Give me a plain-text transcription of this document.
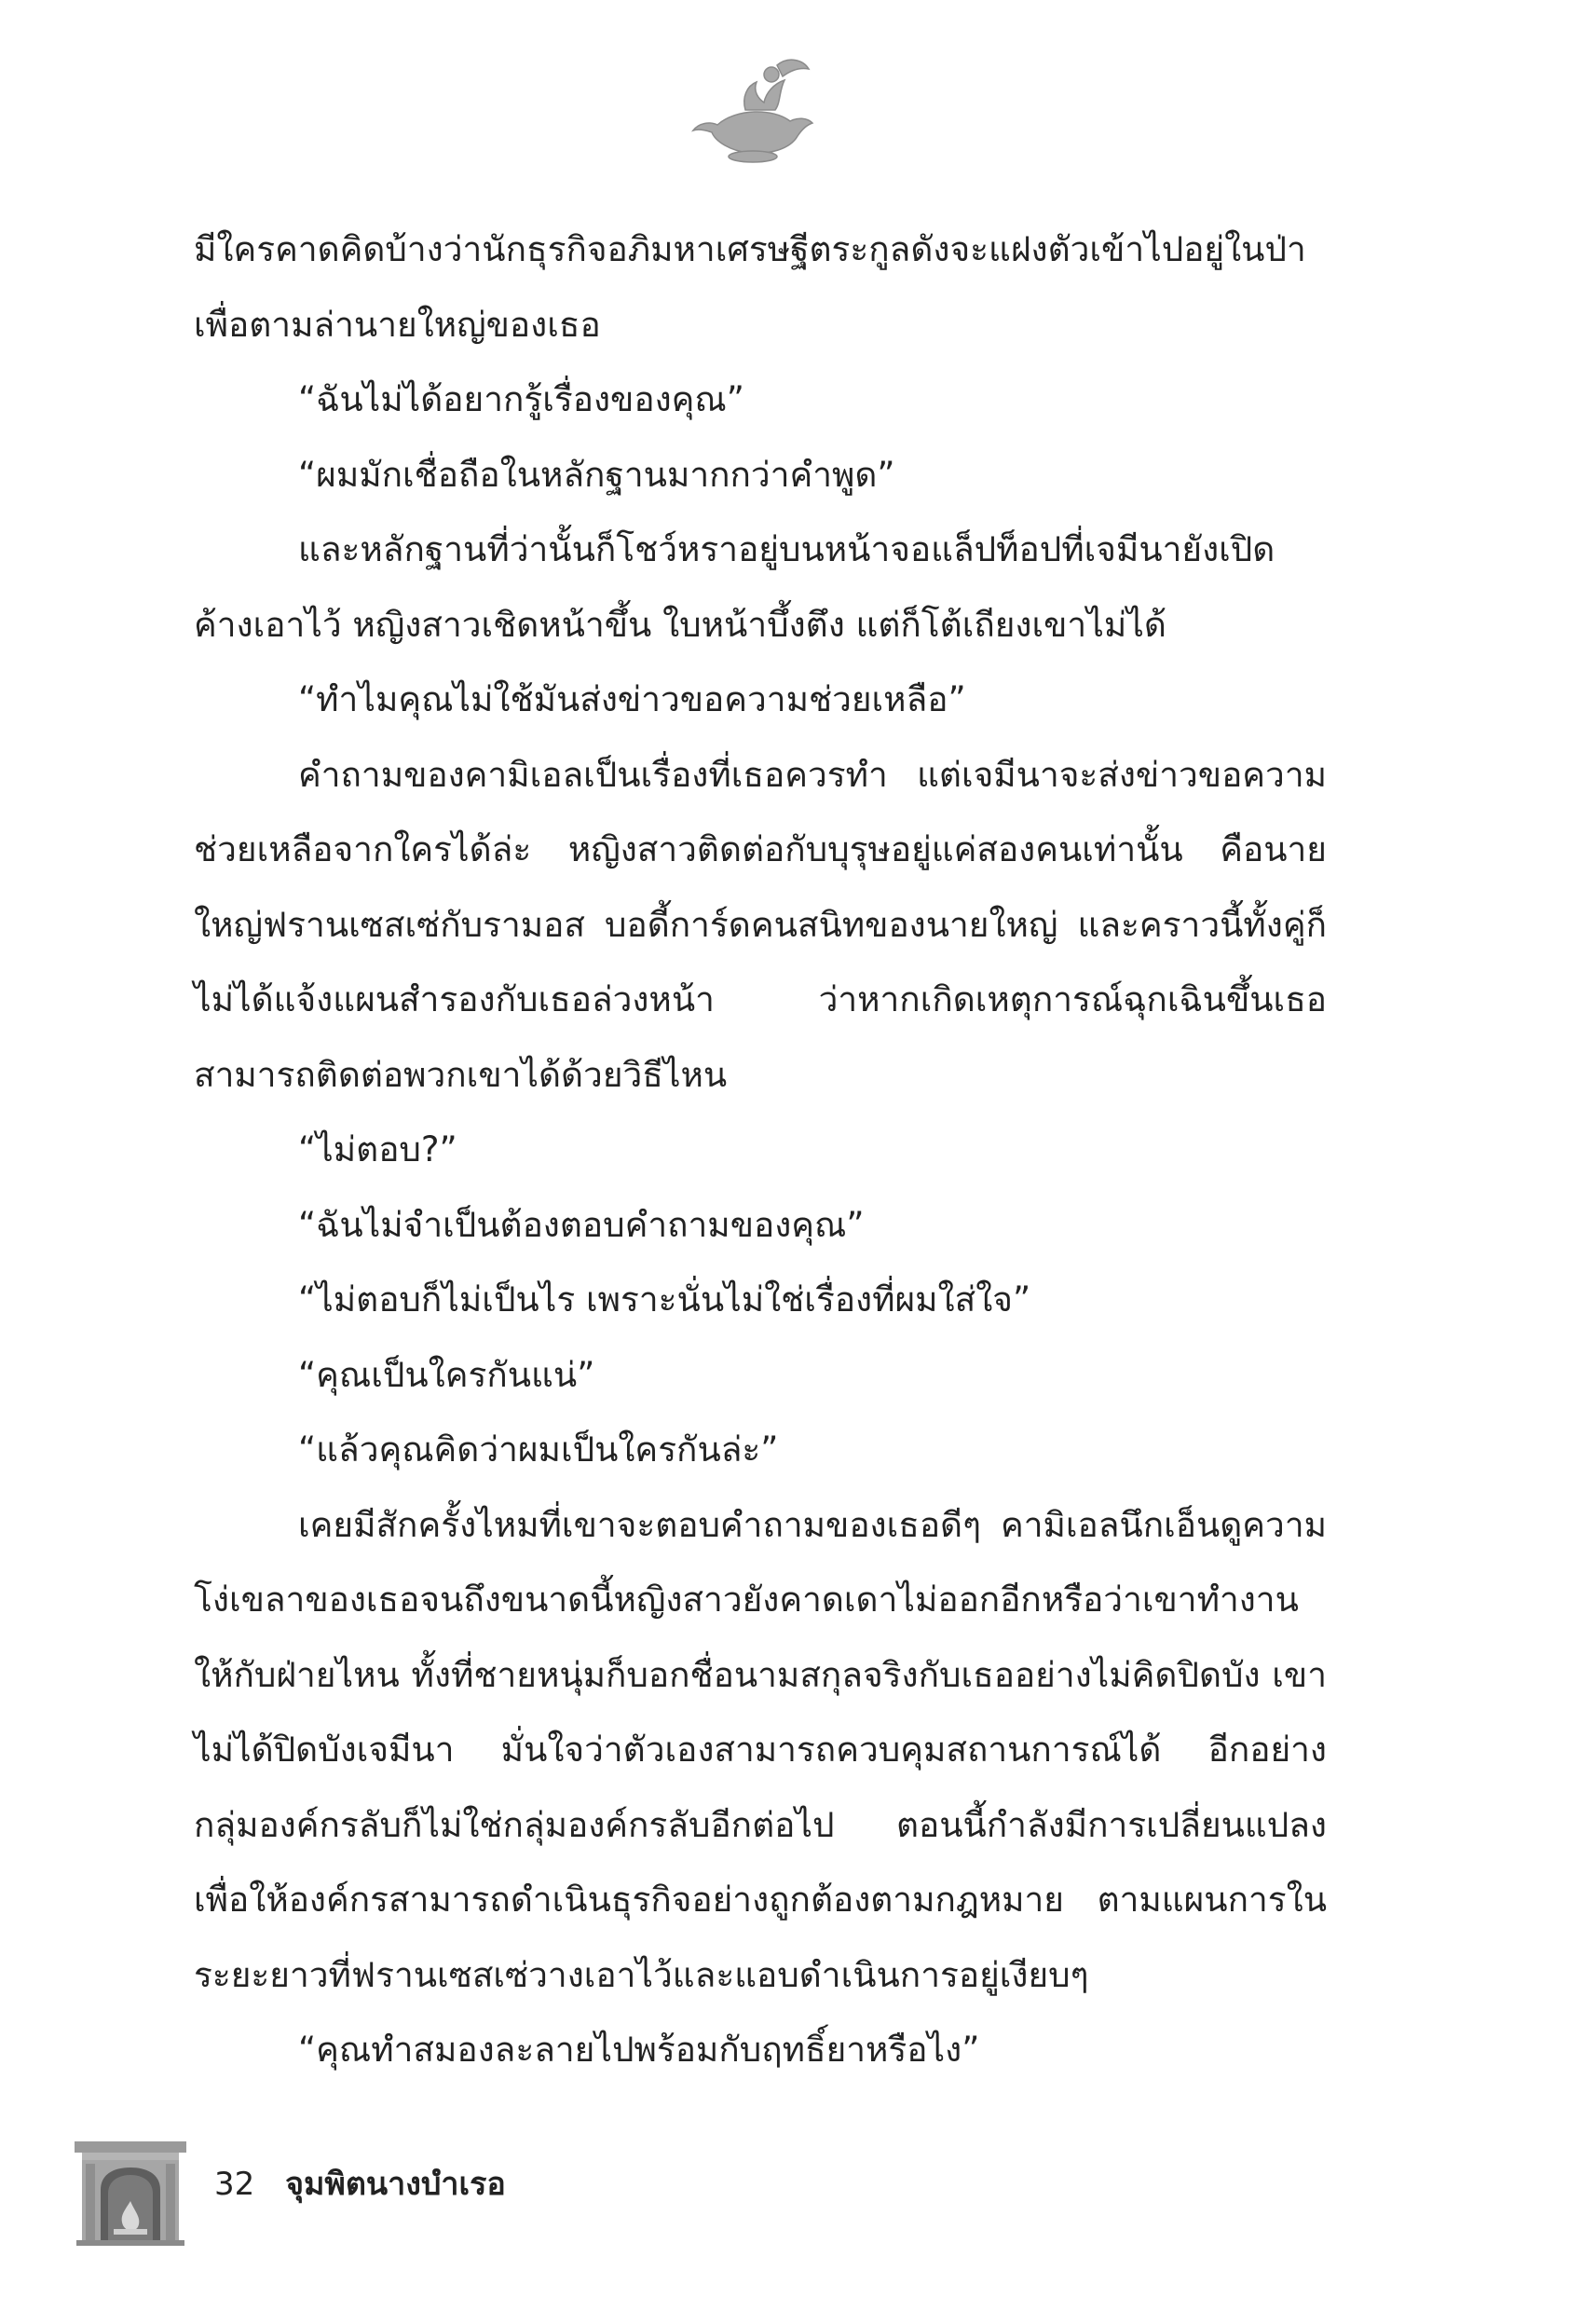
มีใครคาดคิดบ้างว่านักธุรกิจอภิมหาเศรษฐีตระกูลดังจะแฝงตัวเข้าไปอยู่ในป่าเพื่อตามล่านายใหญ่ของเธอ

“ฉันไม่ได้อยากรู้เรื่องของคุณ”

“ผมมักเชื่อถือในหลักฐานมากกว่าคำพูด”

และหลักฐานที่ว่านั้นก็โชว์หราอยู่บนหน้าจอแล็ปท็อปที่เจมีนายังเปิดค้างเอาไว้ หญิงสาวเชิดหน้าขึ้น ใบหน้าบึ้งตึง แต่ก็โต้เถียงเขาไม่ได้

“ทำไมคุณไม่ใช้มันส่งข่าวขอความช่วยเหลือ”

คำถามของคามิเอลเป็นเรื่องที่เธอควรทำ แต่เจมีนาจะส่งข่าวขอความช่วยเหลือจากใครได้ล่ะ หญิงสาวติดต่อกับบุรุษอยู่แค่สองคนเท่านั้น คือนายใหญ่ฟรานเซสเซ่กับรามอส บอดี้การ์ดคนสนิทของนายใหญ่ และคราวนี้ทั้งคู่ก็ไม่ได้แจ้งแผนสำรองกับเธอล่วงหน้า ว่าหากเกิดเหตุการณ์ฉุกเฉินขึ้นเธอสามารถติดต่อพวกเขาได้ด้วยวิธีไหน

“ไม่ตอบ?”

“ฉันไม่จำเป็นต้องตอบคำถามของคุณ”

“ไม่ตอบก็ไม่เป็นไร เพราะนั่นไม่ใช่เรื่องที่ผมใส่ใจ”

“คุณเป็นใครกันแน่”

“แล้วคุณคิดว่าผมเป็นใครกันล่ะ”

เคยมีสักครั้งไหมที่เขาจะตอบคำถามของเธอดีๆ คามิเอลนึกเอ็นดูความโง่เขลาของเธอจนถึงขนาดนี้หญิงสาวยังคาดเดาไม่ออกอีกหรือว่าเขาทำงานให้กับฝ่ายไหน ทั้งที่ชายหนุ่มก็บอกชื่อนามสกุลจริงกับเธออย่างไม่คิดปิดบัง เขาไม่ได้ปิดบังเจมีนา มั่นใจว่าตัวเองสามารถควบคุมสถานการณ์ได้ อีกอย่าง กลุ่มองค์กรลับก็ไม่ใช่กลุ่มองค์กรลับอีกต่อไป ตอนนี้กำลังมีการเปลี่ยนแปลงเพื่อให้องค์กรสามารถดำเนินธุรกิจอย่างถูกต้องตามกฎหมาย ตามแผนการในระยะยาวที่ฟรานเซสเซ่วางเอาไว้และแอบดำเนินการอยู่เงียบๆ

“คุณทำสมองละลายไปพร้อมกับฤทธิ์ยาหรือไง”

32 จุมพิตนางบำเรอ
